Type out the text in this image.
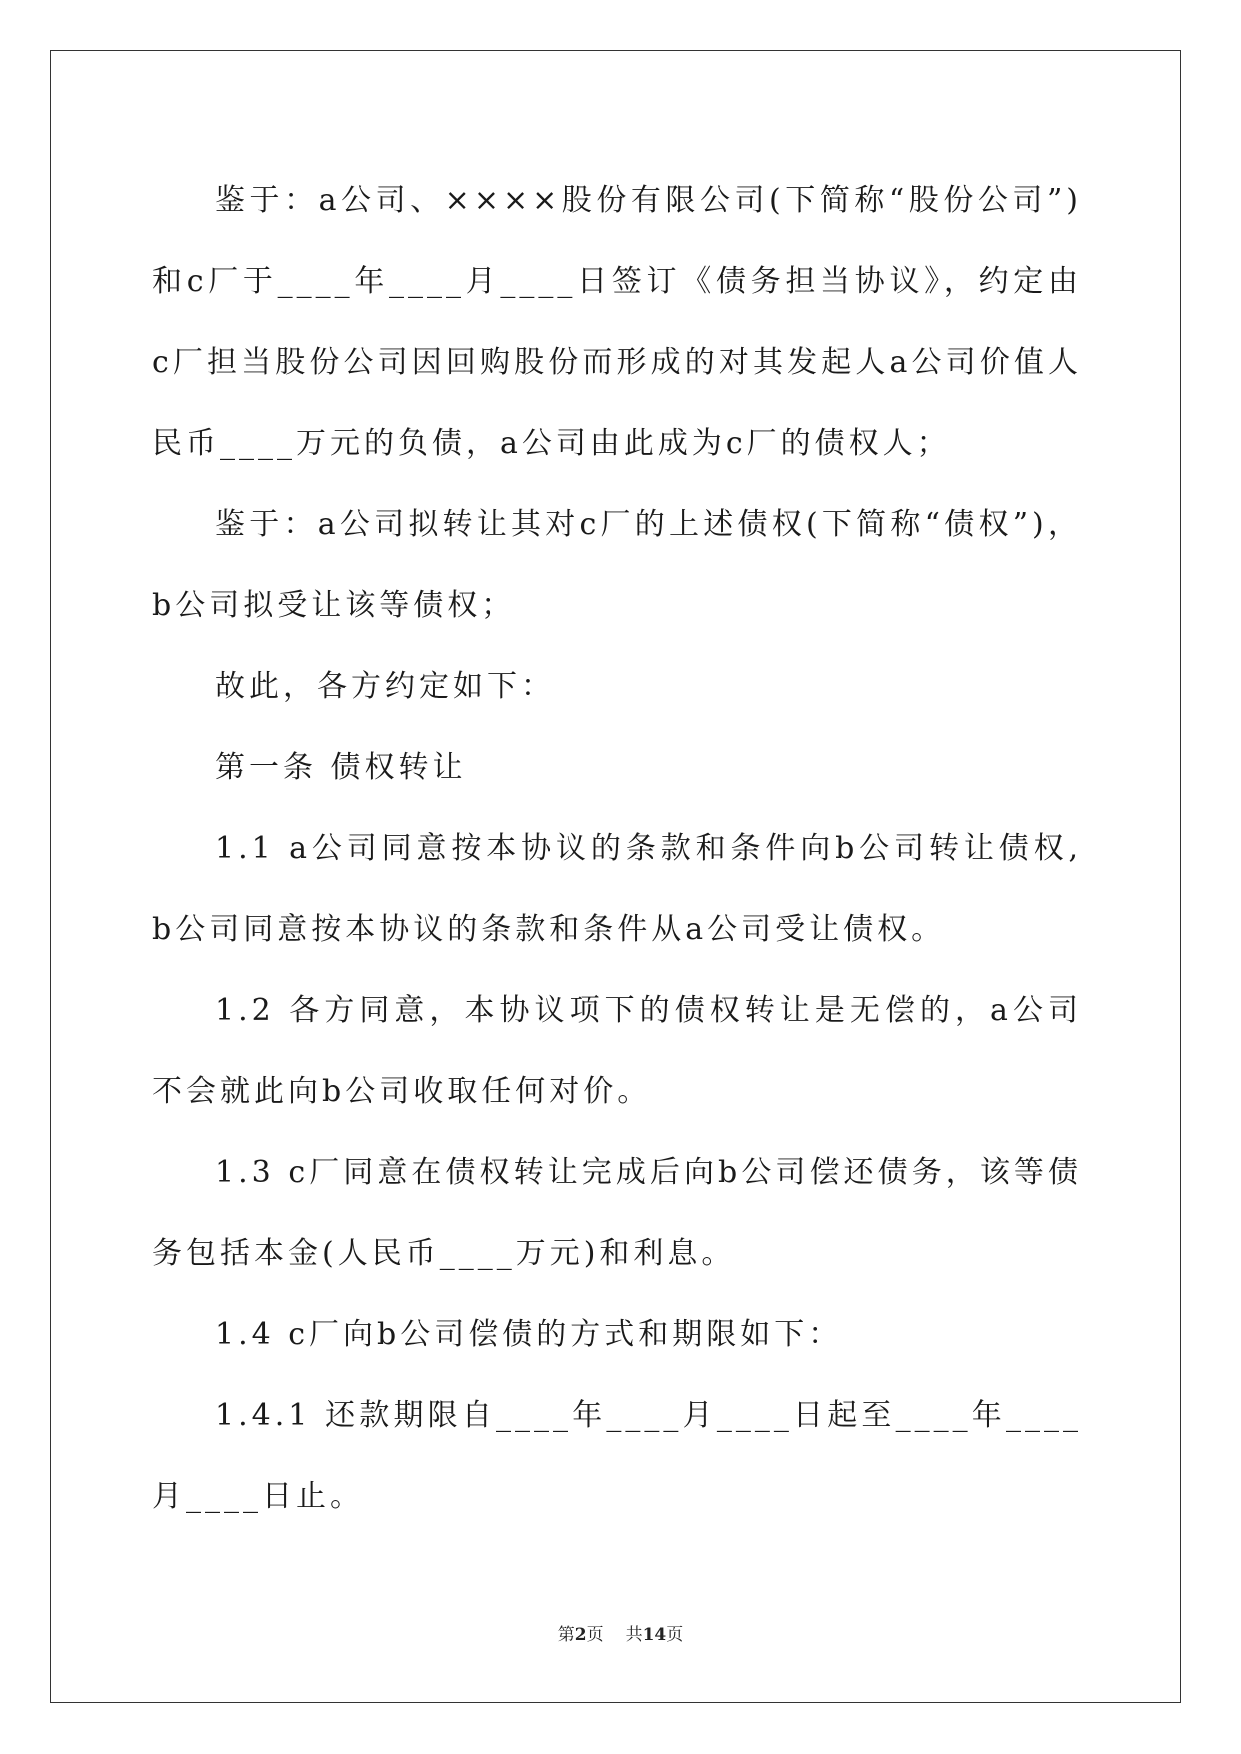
鉴于：a公司、××××股份有限公司(下简称“股份公司”)和c厂于____年____月____日签订《债务担当协议》，约定由c厂担当股份公司因回购股份而形成的对其发起人a公司价值人民币____万元的负债，a公司由此成为c厂的债权人；

鉴于：a公司拟转让其对c厂的上述债权(下简称“债权”)，b公司拟受让该等债权；

故此，各方约定如下：

第一条 债权转让

1.1 a公司同意按本协议的条款和条件向b公司转让债权,b公司同意按本协议的条款和条件从a公司受让债权。

1.2 各方同意，本协议项下的债权转让是无偿的，a公司不会就此向b公司收取任何对价。

1.3 c厂同意在债权转让完成后向b公司偿还债务，该等债务包括本金(人民币____万元)和利息。

1.4 c厂向b公司偿债的方式和期限如下：

1.4.1 还款期限自____年____月____日起至____年____月____日止。

第2页 共14页
